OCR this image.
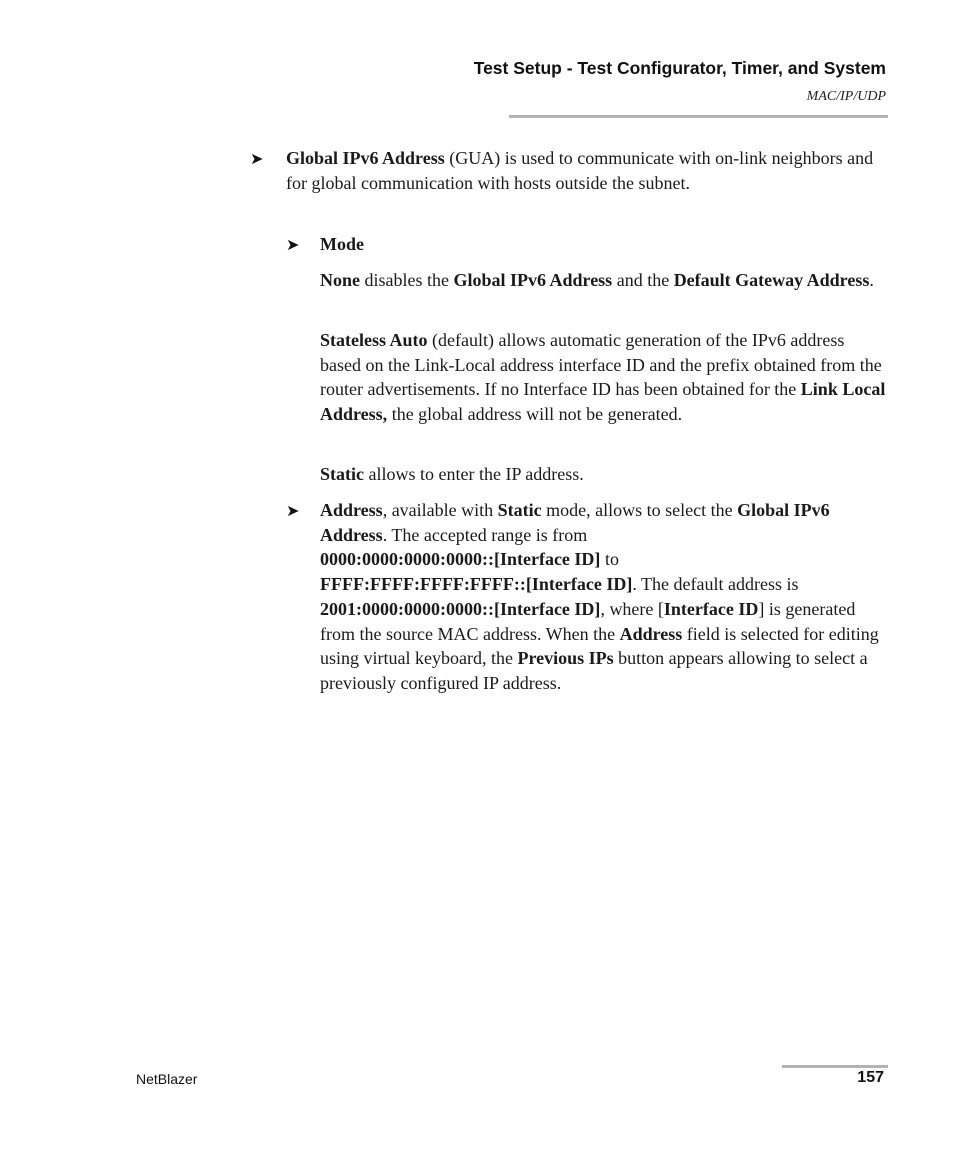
Test Setup - Test Configurator, Timer, and System
MAC/IP/UDP
➤	Global IPv6 Address (GUA) is used to communicate with on-link neighbors and for global communication with hosts outside the subnet.

➤ Mode

None disables the Global IPv6 Address and the Default Gateway Address.

Stateless Auto (default) allows automatic generation of the IPv6 address based on the Link-Local address interface ID and the prefix obtained from the router advertisements. If no Interface ID has been obtained for the Link Local Address, the global address will not be generated.

Static allows to enter the IP address.

➤ Address, available with Static mode, allows to select the Global IPv6 Address. The accepted range is from
0000:0000:0000:0000::[Interface ID] to
FFFF:FFFF:FFFF:FFFF::[Interface ID]. The default address is
2001:0000:0000:0000::[Interface ID], where [Interface ID] is generated from the source MAC address. When the Address field is selected for editing using virtual keyboard, the Previous IPs button appears allowing to select a previously configured IP address.

NetBlazer	157
